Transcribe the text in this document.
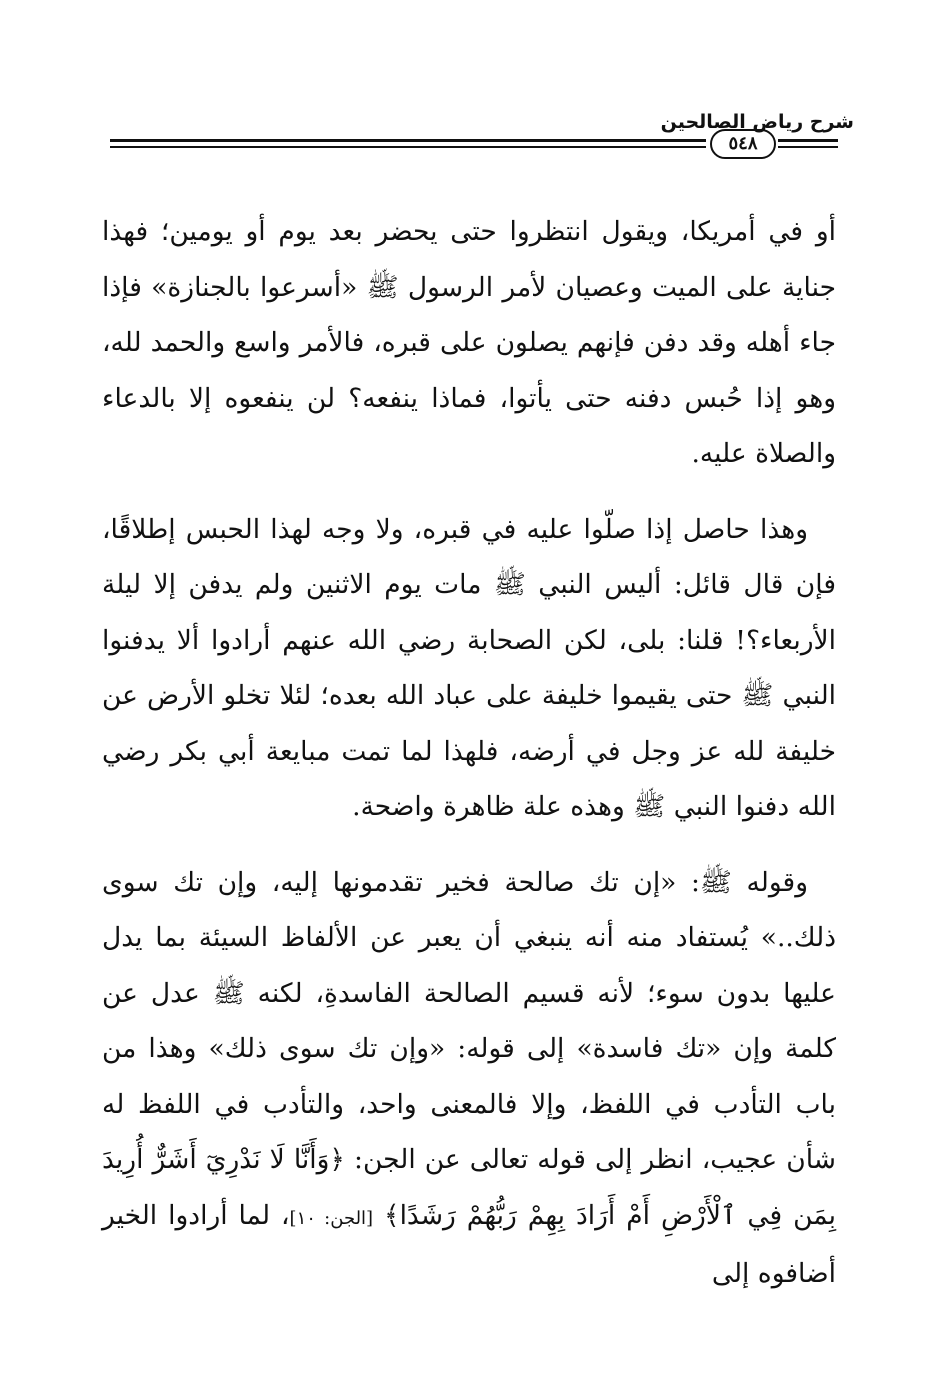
شرح رياض الصالحين
٥٤٨

أو في أمريكا، ويقول انتظروا حتى يحضر بعد يوم أو يومين؛ فهذا جناية على الميت وعصيان لأمر الرسول ﷺ «أسرعوا بالجنازة» فإذا جاء أهله وقد دفن فإنهم يصلون على قبره، فالأمر واسع والحمد لله، وهو إذا حُبس دفنه حتى يأتوا، فماذا ينفعه؟ لن ينفعوه إلا بالدعاء والصلاة عليه.

وهذا حاصل إذا صلّوا عليه في قبره، ولا وجه لهذا الحبس إطلاقًا، فإن قال قائل: أليس النبي ﷺ مات يوم الاثنين ولم يدفن إلا ليلة الأربعاء؟! قلنا: بلى، لكن الصحابة رضي الله عنهم أرادوا ألا يدفنوا النبي ﷺ حتى يقيموا خليفة على عباد الله بعده؛ لئلا تخلو الأرض عن خليفة لله عز وجل في أرضه، فلهذا لما تمت مبايعة أبي بكر رضي الله دفنوا النبي ﷺ وهذه علة ظاهرة واضحة.

وقوله ﷺ: «إن تك صالحة فخير تقدمونها إليه، وإن تك سوى ذلك..» يُستفاد منه أنه ينبغي أن يعبر عن الألفاظ السيئة بما يدل عليها بدون سوء؛ لأنه قسيم الصالحة الفاسدةِ، لكنه ﷺ عدل عن كلمة وإن «تك فاسدة» إلى قوله: «وإن تك سوى ذلك» وهذا من باب التأدب في اللفظ، وإلا فالمعنى واحد، والتأدب في اللفظ له شأن عجيب، انظر إلى قوله تعالى عن الجن: ﴿وَأَنَّا لَا نَدْرِيٓ أَشَرٌّ أُرِيدَ بِمَن فِي ٱلْأَرْضِ أَمْ أَرَادَ بِهِمْ رَبُّهُمْ رَشَدًا﴾ [الجن: ١٠]، لما أرادوا الخير أضافوه إلى
